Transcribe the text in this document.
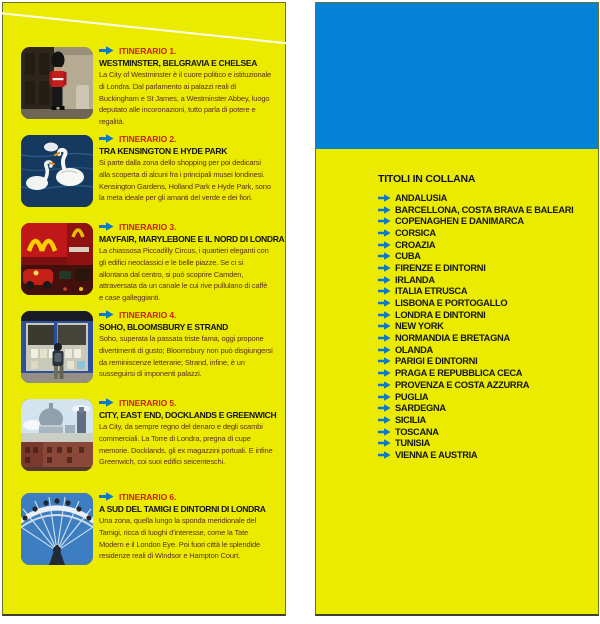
ITINERARIO 1.
WESTMINSTER, BELGRAVIA E CHELSEA

La City of Westminster è il cuore politico e istituzionale di Londra. Dal parlamento ai palazzi reali di Buckingham e St James, a Westminster Abbey, luogo deputato alle incoronazioni, tutto parla di potere e regalità.

ITINERARIO 2.
TRA KENSINGTON E HYDE PARK

Si parte dalla zona dello shopping per poi dedicarsi alla scoperta di alcuni fra i principali musei londinesi. Kensington Gardens, Holland Park e Hyde Park, sono la meta ideale per gli amanti del verde e dei fiori.

ITINERARIO 3.
MAYFAIR, MARYLEBONE E IL NORD DI LONDRA

La chiassosa Piccadilly Circus, i quartieri eleganti con gli edifici neoclassici e le belle piazze. Se ci si allontana dal centro, si può scoprire Camden, attraversata da un canale le cui rive pullulano di caffè e case galleggianti.

ITINERARIO 4.
SOHO, BLOOMSBURY E STRAND

Soho, superata la passata triste fama, oggi propone divertimenti di gusto; Bloomsbury non può disgiungersi da reminiscenze letterarie; Strand, infine, è un susseguirsi di imponenti palazzi.

ITINERARIO 5.
CITY, EAST END, DOCKLANDS E GREENWICH

La City, da sempre regno del denaro e degli scambi commerciali. La Torre di Londra, pregna di cupe memorie. Docklands, gli ex magazzini portuali. E infine Greenwich, coi suoi edifici seicenteschi.

ITINERARIO 6.
A SUD DEL TAMIGI E DINTORNI DI LONDRA

Una zona, quella lungo la sponda meridionale del Tamigi, ricca di luoghi d'interesse, come la Tate Modern e il London Eye. Poi fuori città le splendide residenze reali di Windsor e Hampton Court.

TITOLI IN COLLANA
ANDALUSIA
BARCELLONA, COSTA BRAVA E BALEARI
COPENAGHEN E DANIMARCA
CORSICA
CROAZIA
CUBA
FIRENZE E DINTORNI
IRLANDA
ITALIA ETRUSCA
LISBONA E PORTOGALLO
LONDRA E DINTORNI
NEW YORK
NORMANDIA E BRETAGNA
OLANDA
PARIGI E DINTORNI
PRAGA E REPUBBLICA CECA
PROVENZA E COSTA AZZURRA
PUGLIA
SARDEGNA
SICILIA
TOSCANA
TUNISIA
VIENNA E AUSTRIA
